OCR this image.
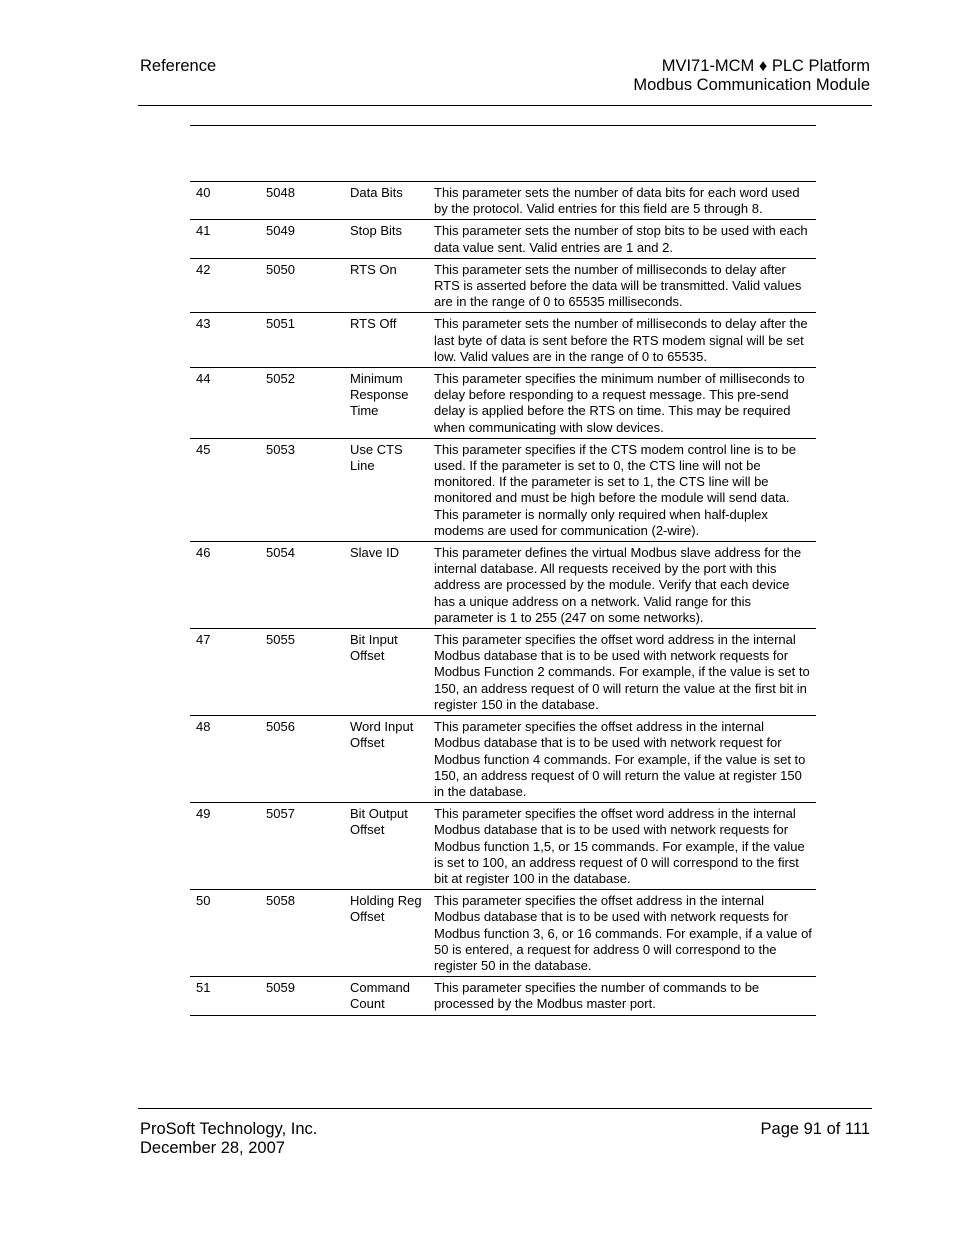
Reference	MVI71-MCM ♦ PLC Platform
Modbus Communication Module
40	5048	Data Bits	This parameter sets the number of data bits for each word used by the protocol. Valid entries for this field are 5 through 8.
41	5049	Stop Bits	This parameter sets the number of stop bits to be used with each data value sent. Valid entries are 1 and 2.
42	5050	RTS On	This parameter sets the number of milliseconds to delay after RTS is asserted before the data will be transmitted. Valid values are in the range of 0 to 65535 milliseconds.
43	5051	RTS Off	This parameter sets the number of milliseconds to delay after the last byte of data is sent before the RTS modem signal will be set low. Valid values are in the range of 0 to 65535.
44	5052	Minimum Response Time	This parameter specifies the minimum number of milliseconds to delay before responding to a request message. This pre-send delay is applied before the RTS on time. This may be required when communicating with slow devices.
45	5053	Use CTS Line	This parameter specifies if the CTS modem control line is to be used. If the parameter is set to 0, the CTS line will not be monitored. If the parameter is set to 1, the CTS line will be monitored and must be high before the module will send data. This parameter is normally only required when half-duplex modems are used for communication (2-wire).
46	5054	Slave ID	This parameter defines the virtual Modbus slave address for the internal database. All requests received by the port with this address are processed by the module. Verify that each device has a unique address on a network. Valid range for this parameter is 1 to 255 (247 on some networks).
47	5055	Bit Input Offset	This parameter specifies the offset word address in the internal Modbus database that is to be used with network requests for Modbus Function 2 commands. For example, if the value is set to 150, an address request of 0 will return the value at the first bit in register 150 in the database.
48	5056	Word Input Offset	This parameter specifies the offset address in the internal Modbus database that is to be used with network request for Modbus function 4 commands. For example, if the value is set to 150, an address request of 0 will return the value at register 150 in the database.
49	5057	Bit Output Offset	This parameter specifies the offset word address in the internal Modbus database that is to be used with network requests for Modbus function 1,5, or 15 commands. For example, if the value is set to 100, an address request of 0 will correspond to the first bit at register 100 in the database.
50	5058	Holding Reg Offset	This parameter specifies the offset address in the internal Modbus database that is to be used with network requests for Modbus function 3, 6, or 16 commands. For example, if a value of 50 is entered, a request for address 0 will correspond to the register 50 in the database.
51	5059	Command Count	This parameter specifies the number of commands to be processed by the Modbus master port.
ProSoft Technology, Inc.
December 28, 2007
Page 91 of 111
